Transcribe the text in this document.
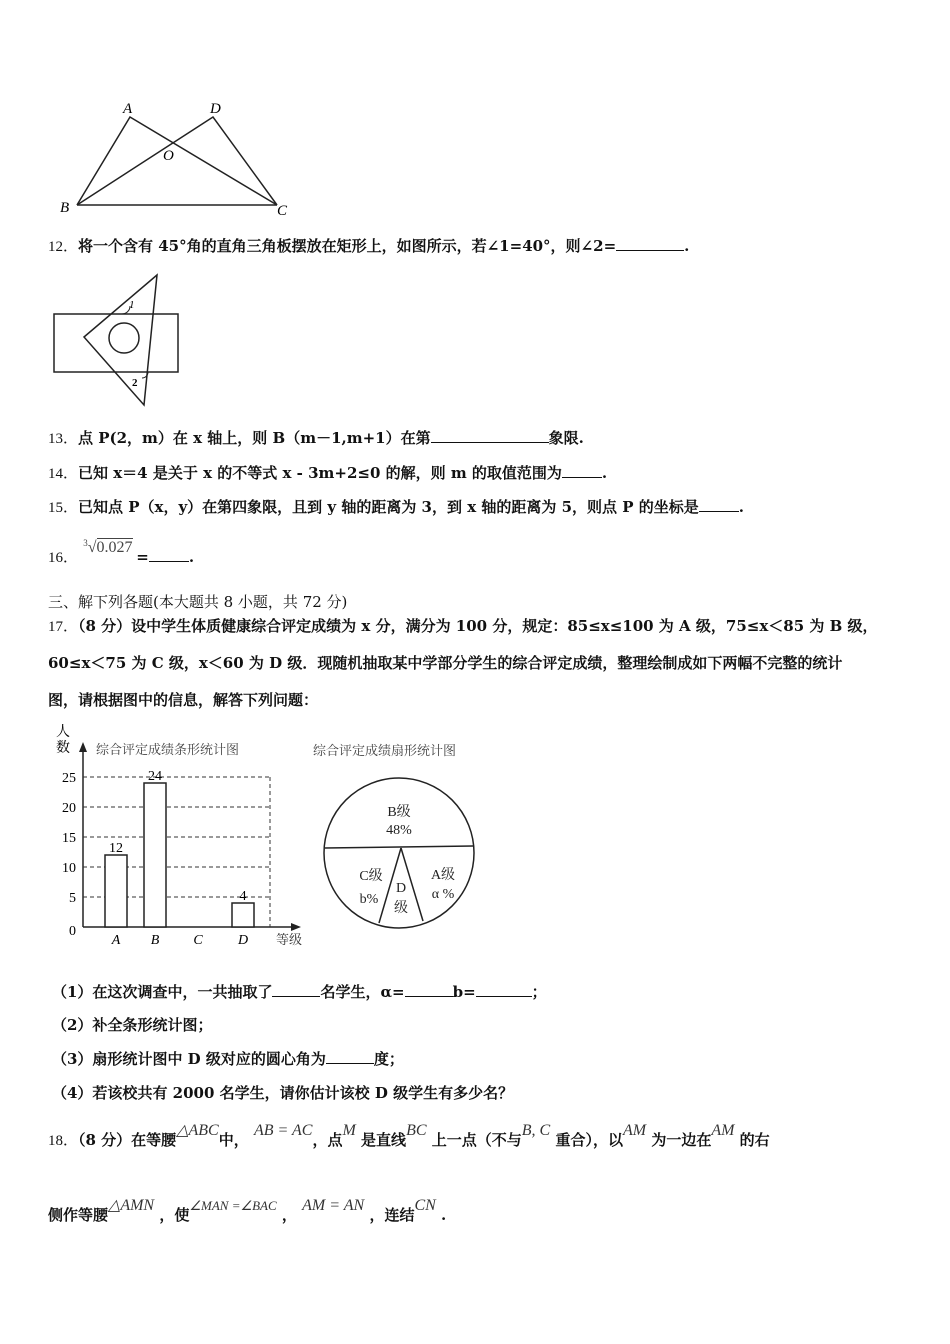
A	D
O
B	C
12．将一个含有 45°角的直角三角板摆放在矩形上，如图所示，若∠1=40°，则∠2=	.
1
2
13．点 P(2，m）在 x 轴上，则 B（m－1,m+1）在第	象限.
14．已知 x＝4 是关于 x 的不等式 x - 3m+2≤0 的解，则 m 的取值范围为	.
15．已知点 P（x，y）在第四象限，且到 y 轴的距离为 3，到 x 轴的距离为 5，则点 P 的坐标是	.
16． $^3$√0.027 =	.
三、解下列各题(本大题共 8 小题，共 72 分)
17．（8 分）设中学生体质健康综合评定成绩为 x 分，满分为 100 分，规定：85≤x≤100 为 A 级，75≤x＜85 为 B 级，
60≤x＜75 为 C 级，x＜60 为 D 级．现随机抽取某中学部分学生的综合评定成绩，整理绘制成如下两幅不完整的统计
图，请根据图中的信息，解答下列问题：
人
数 综合评定成绩条形统计图
25
20
15
10
5
0
12
24
4
A B C	D 等级
综合评定成绩扇形统计图
B级
48%
A级
α %
C级
b%
D
级
（1）在这次调查中，一共抽取了	名学生，α=	b=	；
（2）补全条形统计图；
（3）扇形统计图中 D 级对应的圆心角为	度；
（4）若该校共有 2000 名学生，请你估计该校 D 级学生有多少名？
18．（8 分）在等腰△ABC中， AB = AC，点M 是直线BC 上一点（不与B, C 重合），以AM 为一边在AM 的右
侧作等腰△AMN ，使∠MAN =∠BAC ， AM = AN ，连结CN .
